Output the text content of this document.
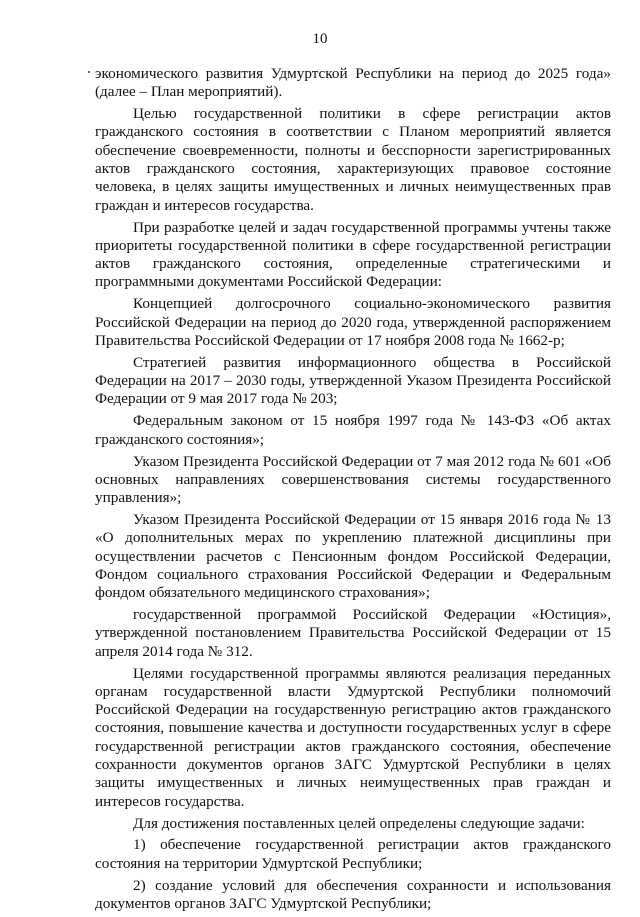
10

экономического развития Удмуртской Республики на период до 2025 года» (далее – План мероприятий).

Целью государственной политики в сфере регистрации актов гражданского состояния в соответствии с Планом мероприятий является обеспечение своевременности, полноты и бесспорности зарегистрированных актов гражданского состояния, характеризующих правовое состояние человека, в целях защиты имущественных и личных неимущественных прав граждан и интересов государства.

При разработке целей и задач государственной программы учтены также приоритеты государственной политики в сфере государственной регистрации актов гражданского состояния, определенные стратегическими и программными документами Российской Федерации:

Концепцией долгосрочного социально-экономического развития Российской Федерации на период до 2020 года, утвержденной распоряжением Правительства Российской Федерации от 17 ноября 2008 года № 1662-р;

Стратегией развития информационного общества в Российской Федерации на 2017 – 2030 годы, утвержденной Указом Президента Российской Федерации от 9 мая 2017 года № 203;

Федеральным законом от 15 ноября 1997 года № 143-ФЗ «Об актах гражданского состояния»;

Указом Президента Российской Федерации от 7 мая 2012 года № 601 «Об основных направлениях совершенствования системы государственного управления»;

Указом Президента Российской Федерации от 15 января 2016 года № 13 «О дополнительных мерах по укреплению платежной дисциплины при осуществлении расчетов с Пенсионным фондом Российской Федерации, Фондом социального страхования Российской Федерации и Федеральным фондом обязательного медицинского страхования»;

государственной программой Российской Федерации «Юстиция», утвержденной постановлением Правительства Российской Федерации от 15 апреля 2014 года № 312.

Целями государственной программы являются реализация переданных органам государственной власти Удмуртской Республики полномочий Российской Федерации на государственную регистрацию актов гражданского состояния, повышение качества и доступности государственных услуг в сфере государственной регистрации актов гражданского состояния, обеспечение сохранности документов органов ЗАГС Удмуртской Республики в целях защиты имущественных и личных неимущественных прав граждан и интересов государства.

Для достижения поставленных целей определены следующие задачи:

1) обеспечение государственной регистрации актов гражданского состояния на территории Удмуртской Республики;

2) создание условий для обеспечения сохранности и использования документов органов ЗАГС Удмуртской Республики;
